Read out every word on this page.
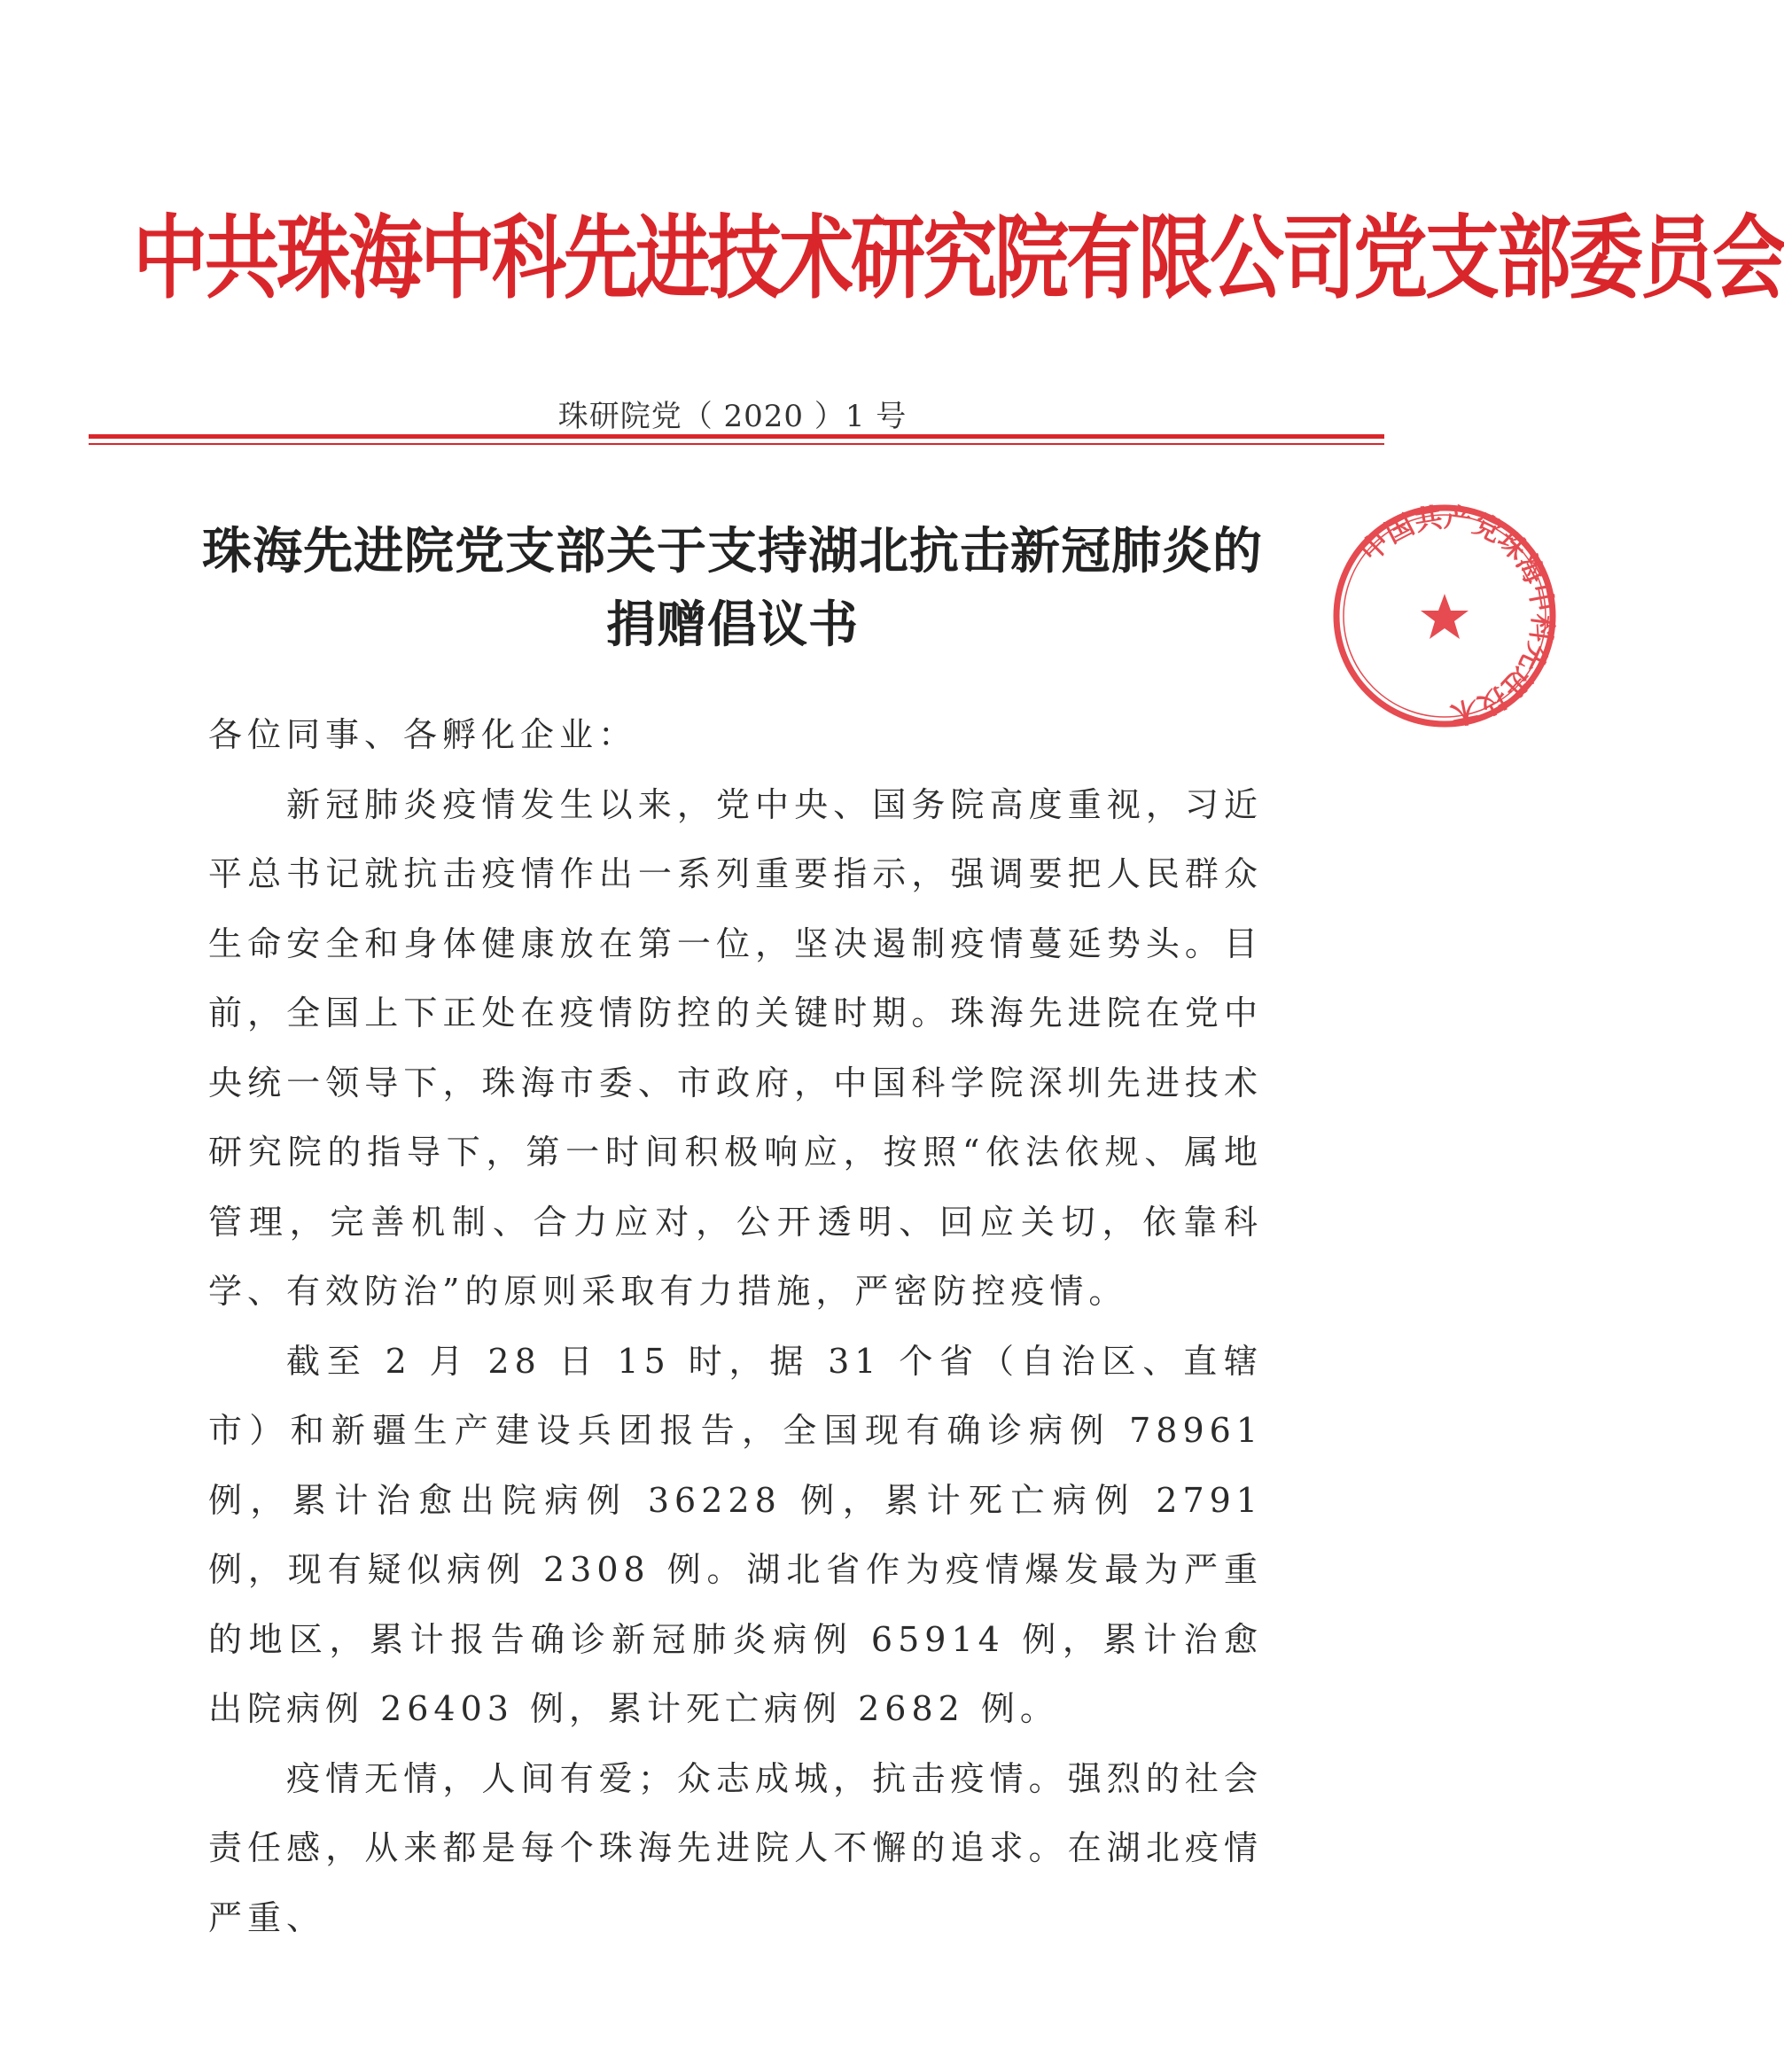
中共珠海中科先进技术研究院有限公司党支部委员会
珠研院党（ 2020 ）1 号
珠海先进院党支部关于支持湖北抗击新冠肺炎的
捐赠倡议书

各位同事、各孵化企业：

新冠肺炎疫情发生以来，党中央、国务院高度重视，习近平总书记就抗击疫情作出一系列重要指示，强调要把人民群众生命安全和身体健康放在第一位，坚决遏制疫情蔓延势头。目前，全国上下正处在疫情防控的关键时期。珠海先进院在党中央统一领导下，珠海市委、市政府，中国科学院深圳先进技术研究院的指导下，第一时间积极响应，按照“依法依规、属地管理，完善机制、合力应对，公开透明、回应关切，依靠科学、有效防治”的原则采取有力措施，严密防控疫情。

截至 2 月 28 日 15 时，据 31 个省（自治区、直辖市）和新疆生产建设兵团报告，全国现有确诊病例 78961 例，累计治愈出院病例 36228 例，累计死亡病例 2791 例，现有疑似病例 2308 例。湖北省作为疫情爆发最为严重的地区，累计报告确诊新冠肺炎病例 65914 例，累计治愈出院病例 26403 例，累计死亡病例 2682 例。

疫情无情，人间有爱；众志成城，抗击疫情。强烈的社会责任感，从来都是每个珠海先进院人不懈的追求。在湖北疫情严重、

中国共产党珠海中科先进技术
